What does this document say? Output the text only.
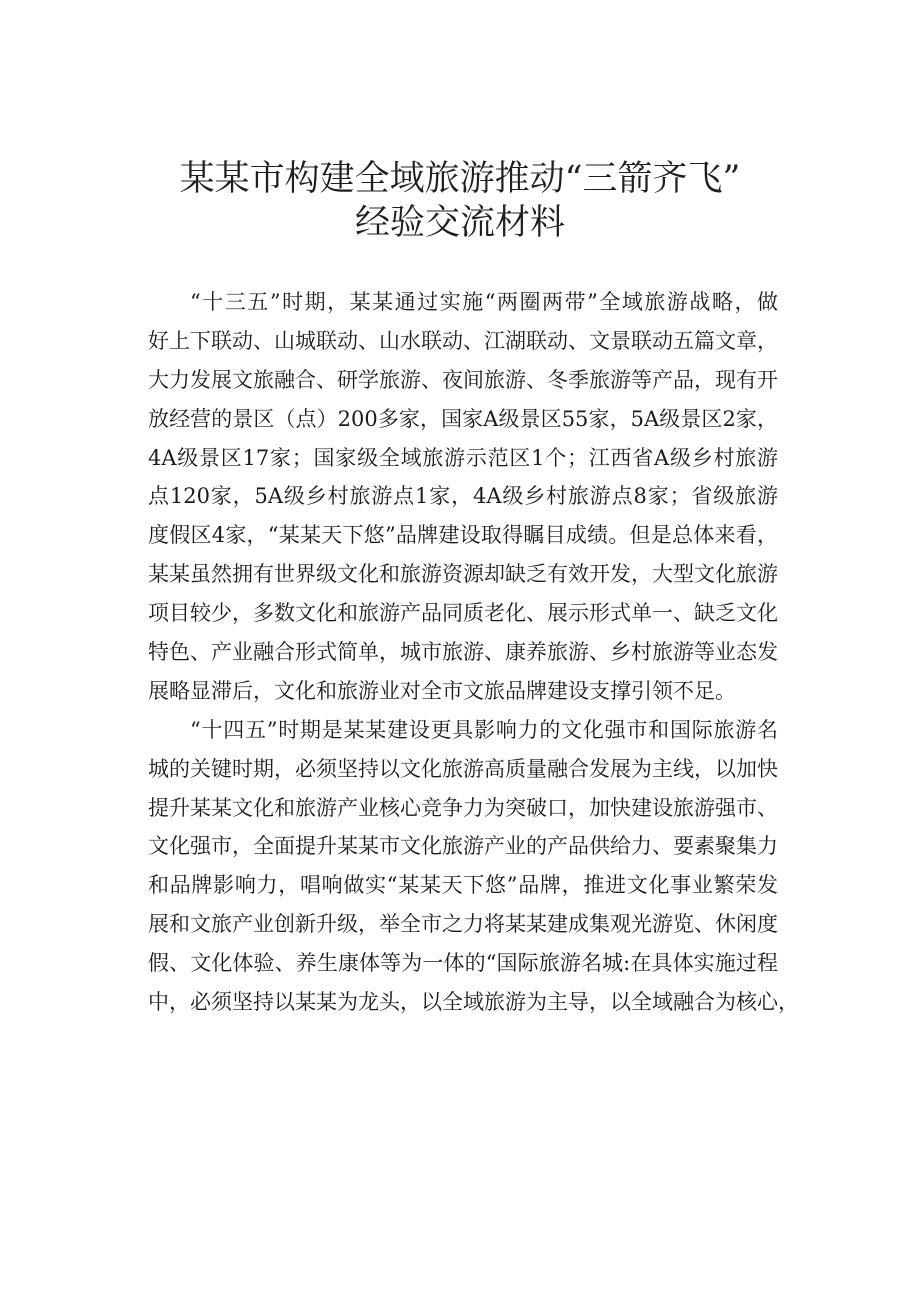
某某市构建全域旅游推动“三箭齐飞”
经验交流材料
“十三五”时期，某某通过实施“两圈两带”全域旅游战略，做
好上下联动、山城联动、山水联动、江湖联动、文景联动五篇文章，
大力发展文旅融合、研学旅游、夜间旅游、冬季旅游等产品，现有开
放经营的景区（点）200多家，国家A级景区55家，5A级景区2家，
4A级景区17家；国家级全域旅游示范区1个；江西省A级乡村旅游
点120家，5A级乡村旅游点1家，4A级乡村旅游点8家；省级旅游
度假区4家，“某某天下悠”品牌建设取得瞩目成绩。但是总体来看，
某某虽然拥有世界级文化和旅游资源却缺乏有效开发，大型文化旅游
项目较少，多数文化和旅游产品同质老化、展示形式单一、缺乏文化
特色、产业融合形式简单，城市旅游、康养旅游、乡村旅游等业态发
展略显滞后，文化和旅游业对全市文旅品牌建设支撑引领不足。
“十四五”时期是某某建设更具影响力的文化强市和国际旅游名
城的关键时期，必须坚持以文化旅游高质量融合发展为主线，以加快
提升某某文化和旅游产业核心竞争力为突破口，加快建设旅游强市、
文化强市，全面提升某某市文化旅游产业的产品供给力、要素聚集力
和品牌影响力，唱响做实“某某天下悠”品牌，推进文化事业繁荣发
展和文旅产业创新升级，举全市之力将某某建成集观光游览、休闲度
假、文化体验、养生康体等为一体的“国际旅游名城:在具体实施过程
中，必须坚持以某某为龙头，以全域旅游为主导，以全域融合为核心，
